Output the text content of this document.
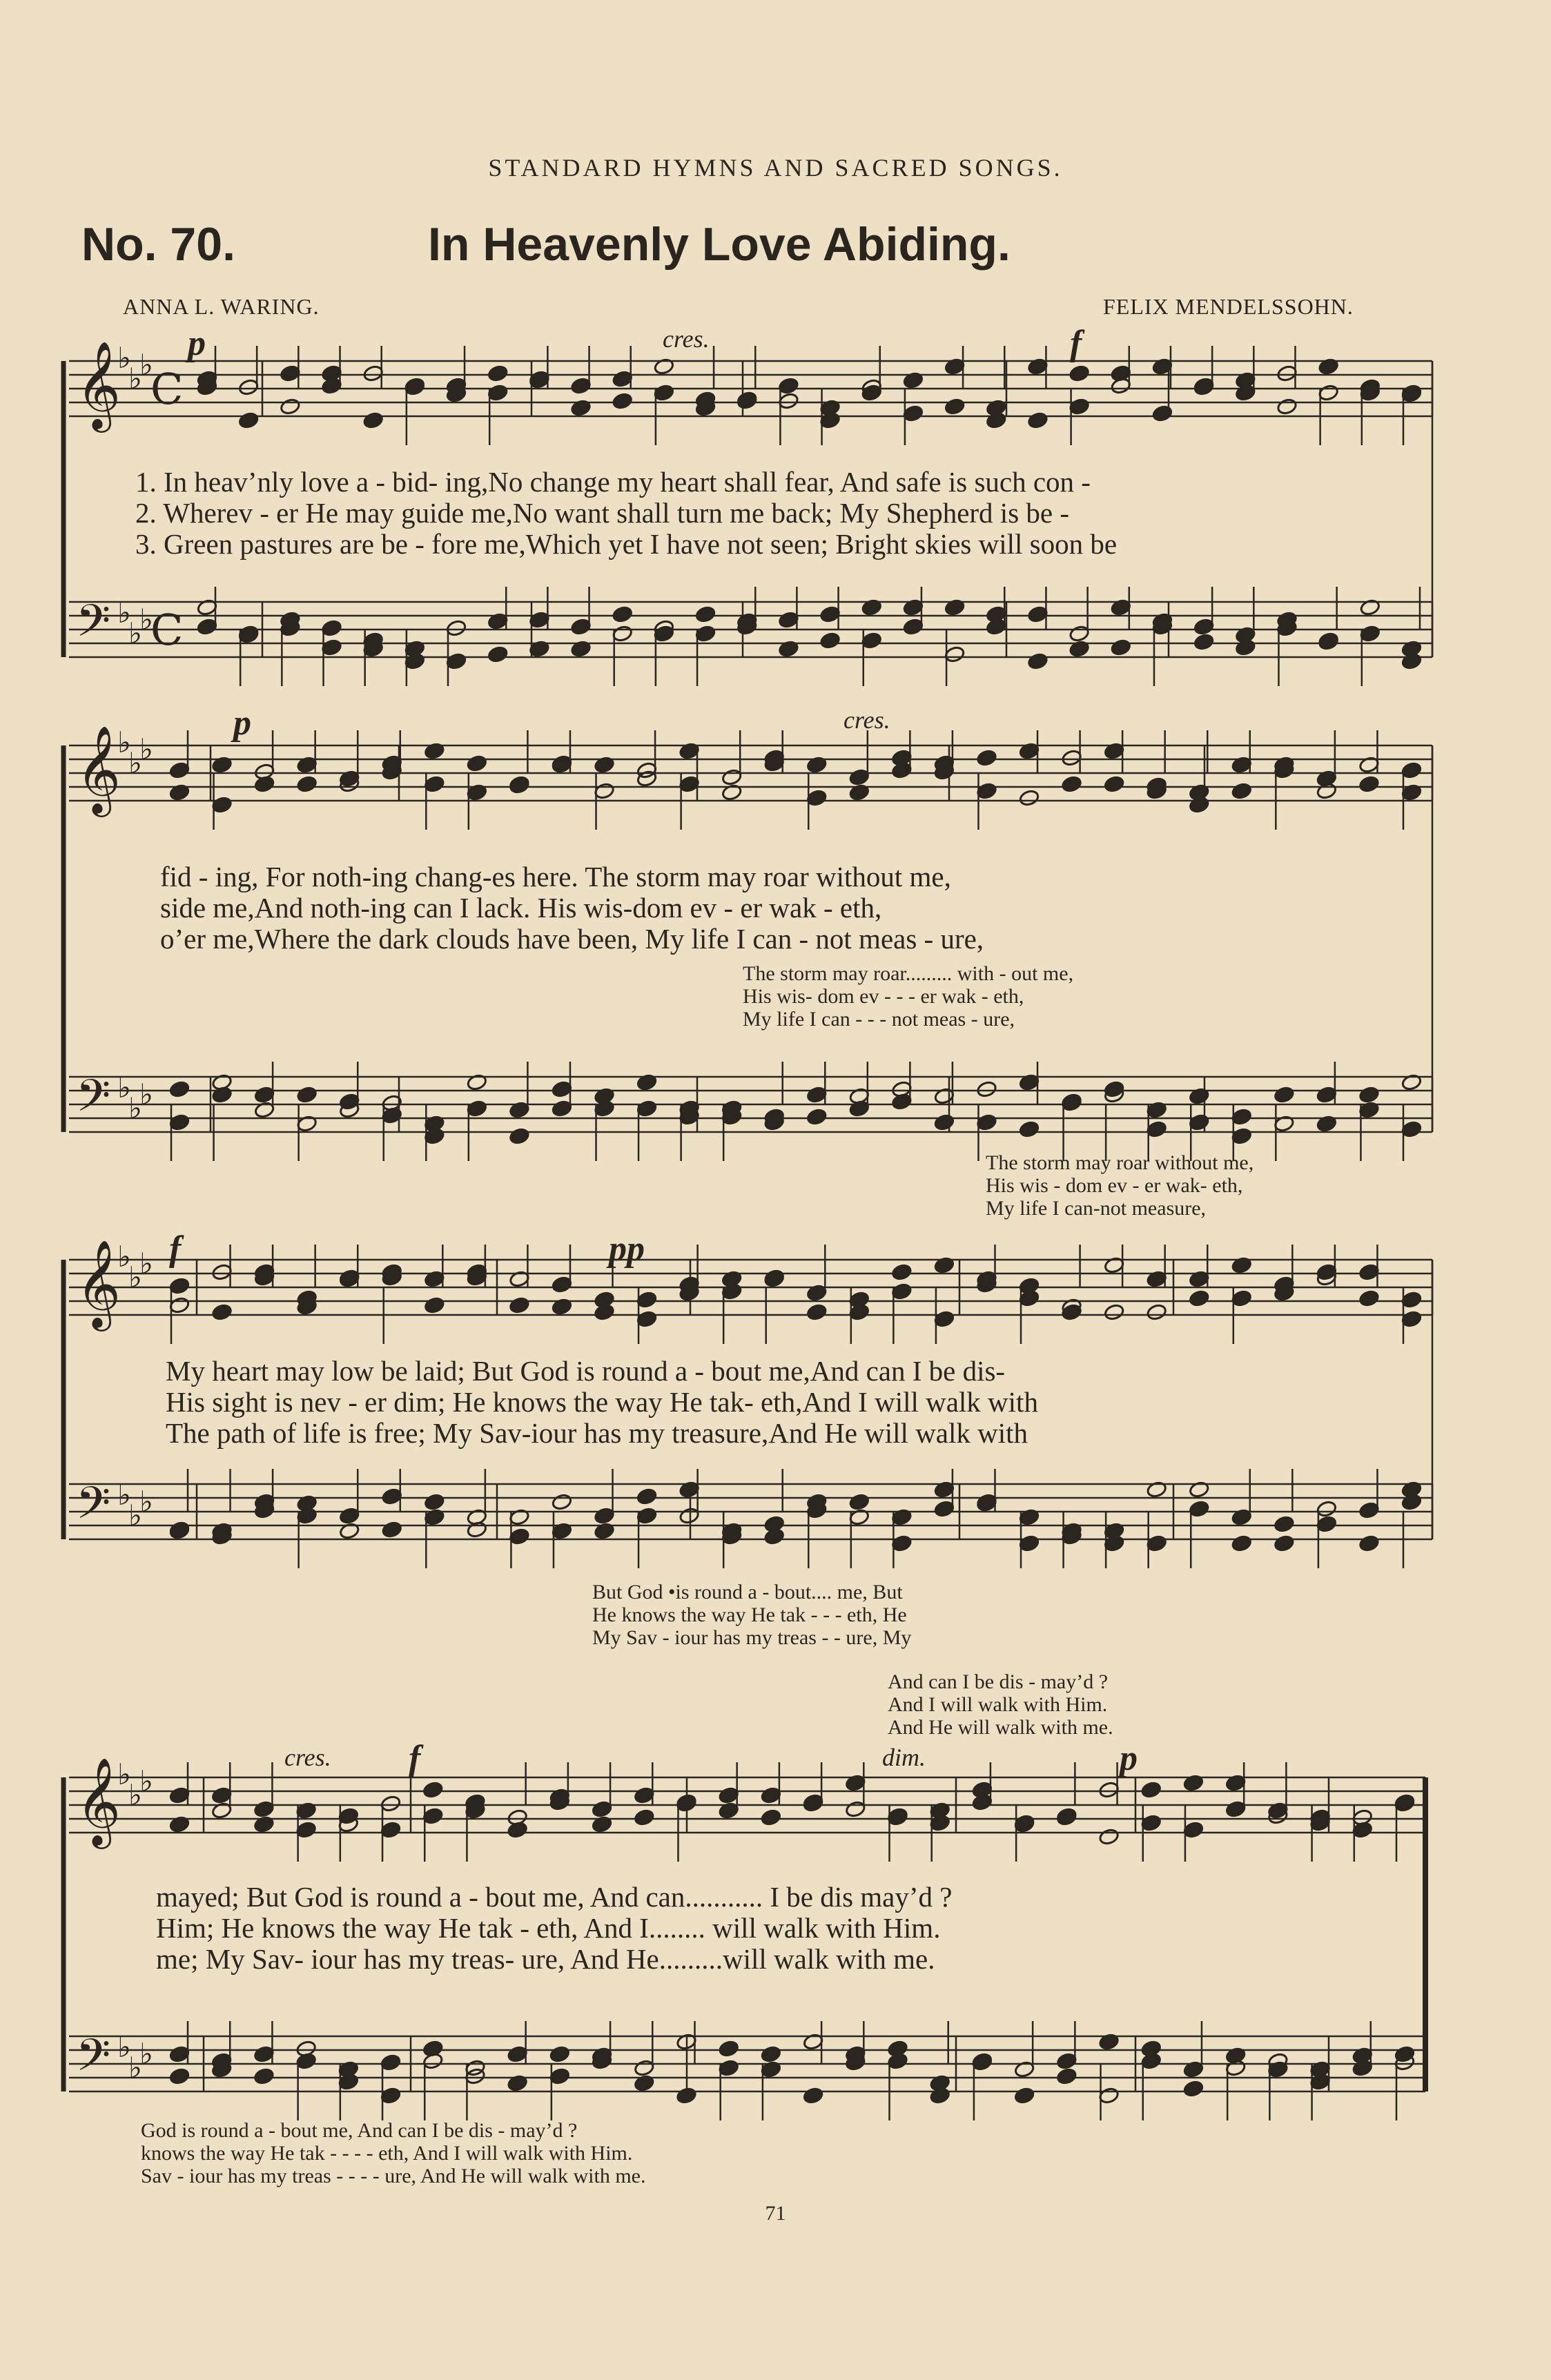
𝄞
♭
♭
♭
C
𝄢 ♭
♭
♭
C
𝄞
♭
♭
♭
𝄢 ♭
♭
♭
𝄞
♭
♭
♭
𝄢 ♭
♭
♭
𝄞
♭
♭
♭
𝄢 ♭
♭
♭
STANDARD HYMNS AND SACRED SONGS.
No. 70.	In Heavenly Love Abiding.
ANNA L. WARING.	FELIX MENDELSSOHN.
p	cres.	f
p	cres.
f	pp
cres. f	dim.	p
1. In heav’nly love a - bid- ing,No change my heart shall fear, And safe is such con -
2. Wherev - er He may guide me,No want shall turn me back; My Shepherd is be -
3. Green pastures are be - fore me,Which yet I have not seen; Bright skies will soon be
fid - ing, For noth-ing chang-es here. The storm may roar without me,
side me,And noth-ing can I lack. His wis-dom ev - er wak - eth,
o’er me,Where the dark clouds have been, My life I can - not meas - ure,
The storm may roar......... with - out me,
His wis- dom ev - - - er wak - eth,
My life I can - - - not meas - ure,
The storm may roar without me,
His wis - dom ev - er wak- eth,
My life I can-not measure,
My heart may low be laid; But God is round a - bout me,And can I be dis-
His sight is nev - er dim; He knows the way He tak- eth,And I will walk with
The path of life is free; My Sav-iour has my treasure,And He will walk with
But God •is round a - bout.... me, But
He knows the way He tak - - - eth, He
My Sav - iour has my treas - - ure, My
And can I be dis - may’d ?
And I will walk with Him.
And He will walk with me.
mayed; But God is round a - bout me, And can........... I be dis may’d ?
Him; He knows the way He tak - eth, And I........ will walk with Him.
me; My Sav- iour has my treas- ure, And He.........will walk with me.
God is round a - bout me, And can I be dis - may’d ?
knows the way He tak - - - - eth, And I will walk with Him.
Sav - iour has my treas - - - - ure, And He will walk with me.
71
